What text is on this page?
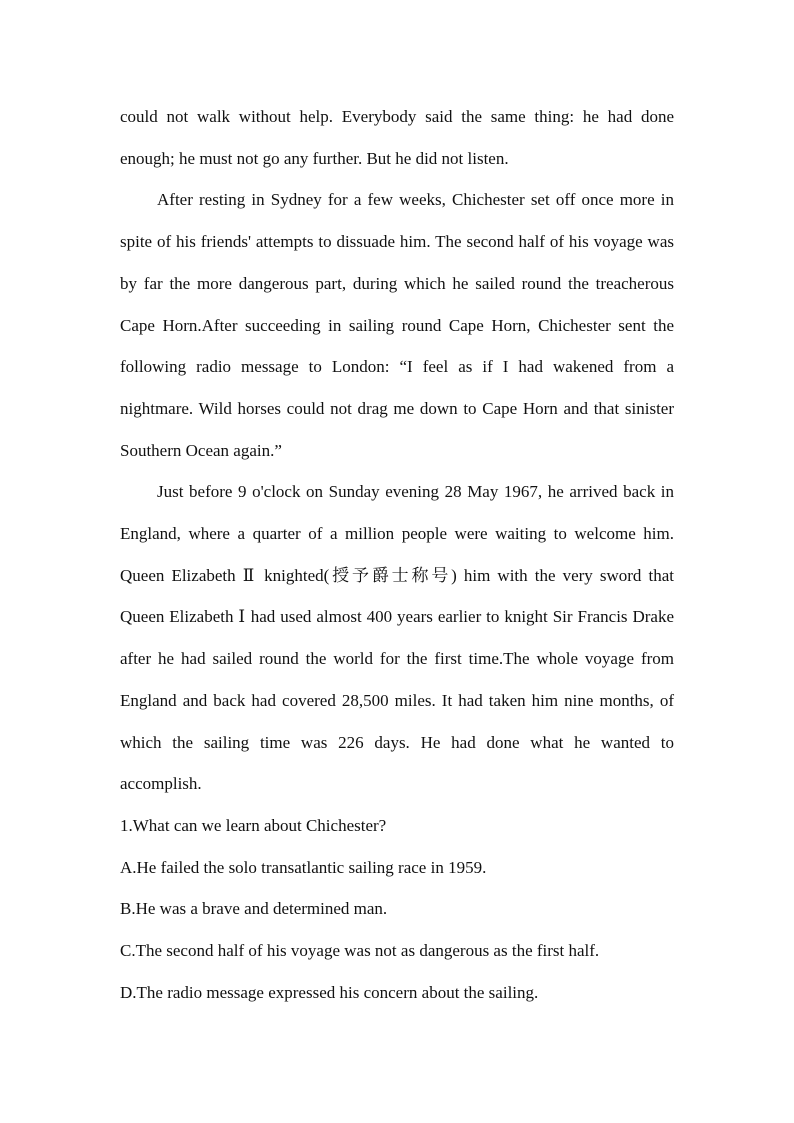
could not walk without help. Everybody said the same thing: he had done enough; he must not go any further. But he did not listen.

After resting in Sydney for a few weeks, Chichester set off once more in spite of his friends' attempts to dissuade him. The second half of his voyage was by far the more dangerous part, during which he sailed round the treacherous Cape Horn.After succeeding in sailing round Cape Horn, Chichester sent the following radio message to London: “I feel as if I had wakened from a nightmare. Wild horses could not drag me down to Cape Horn and that sinister Southern Ocean again.”

Just before 9 o'clock on Sunday evening 28 May 1967, he arrived back in England, where a quarter of a million people were waiting to welcome him. Queen Elizabeth Ⅱ knighted(授予爵士称号) him with the very sword that Queen Elizabeth Ⅰ had used almost 400 years earlier to knight Sir Francis Drake after he had sailed round the world for the first time.The whole voyage from England and back had covered 28,500 miles. It had taken him nine months, of which the sailing time was 226 days. He had done what he wanted to accomplish.

1.What can we learn about Chichester?

A.He failed the solo transatlantic sailing race in 1959.

B.He was a brave and determined man.

C.The second half of his voyage was not as dangerous as the first half.

D.The radio message expressed his concern about the sailing.
